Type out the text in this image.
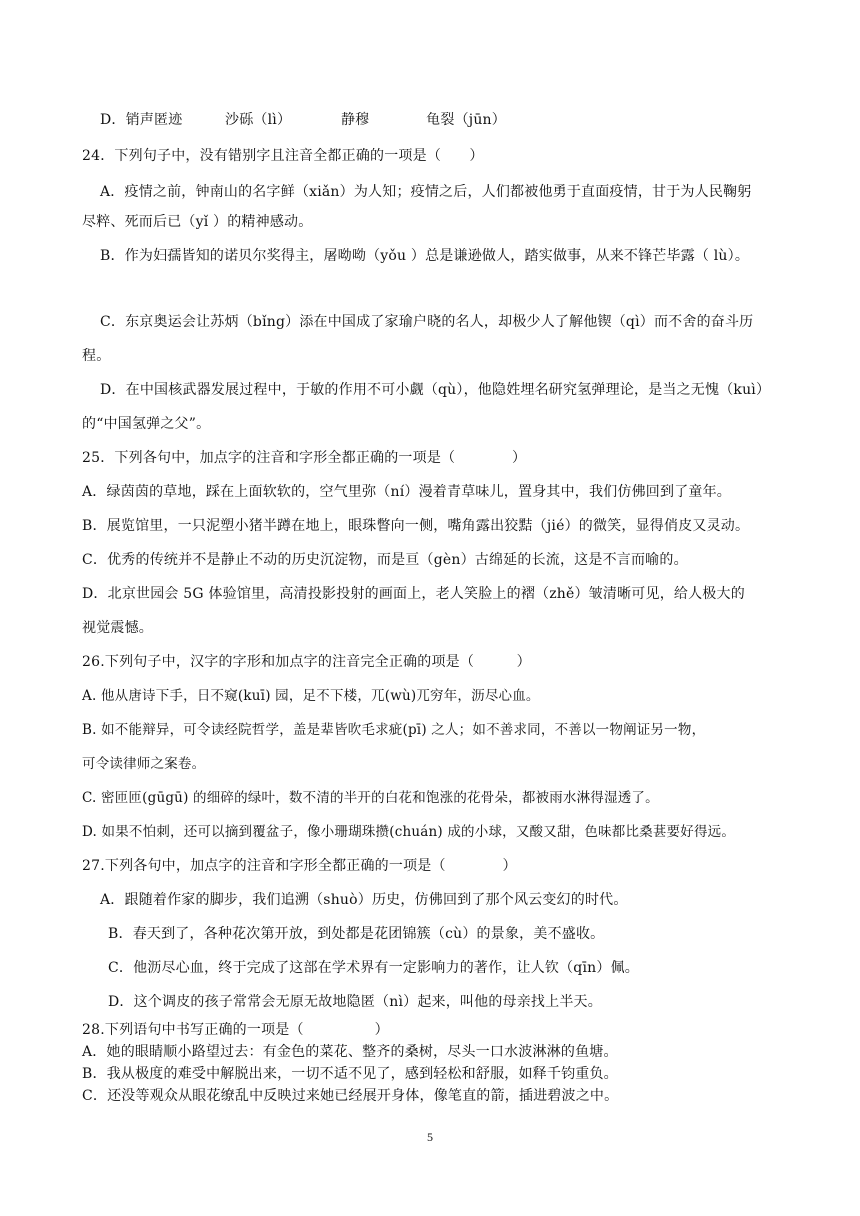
D．销声匿迹　　　沙砾（lì）　　　　静穆　　　　龟裂（jūn）
24．下列句子中，没有错别字且注音全都正确的一项是（　　）
A．疫情之前，钟南山的名字鲜（xiǎn）为人知；疫情之后，人们都被他勇于直面疫情，甘于为人民鞠躬
尽粹、死而后已（yǐ ）的精神感动。
B．作为妇孺皆知的诺贝尔奖得主，屠呦呦（yǒu ）总是谦逊做人，踏实做事，从来不锋芒毕露（ lù）。
C．东京奥运会让苏炳（bǐng）添在中国成了家瑜户晓的名人，却极少人了解他锲（qì）而不舍的奋斗历
程。
D．在中国核武器发展过程中，于敏的作用不可小觑（qù），他隐姓埋名研究氢弹理论，是当之无愧（kuì）
的“中国氢弹之父”。
25．下列各句中，加点字的注音和字形全都正确的一项是（　　　　）
A．绿茵茵的草地，踩在上面软软的，空气里弥（ní）漫着青草味儿，置身其中，我们仿佛回到了童年。
B．展览馆里，一只泥塑小猪半蹲在地上，眼珠瞥向一侧，嘴角露出狡黠（jié）的微笑，显得俏皮又灵动。
C．优秀的传统并不是静止不动的历史沉淀物，而是亘（gèn）古绵延的长流，这是不言而喻的。
D．北京世园会 5G 体验馆里，高清投影投射的画面上，老人笑脸上的褶（zhě）皱清晰可见，给人极大的
视觉震憾。
26.下列句子中，汉字的字形和加点字的注音完全正确的项是（　　　）
A. 他从唐诗下手，日不窥(kuī) 园，足不下楼，兀(wù)兀穷年，沥尽心血。
B. 如不能辩异，可令读经院哲学，盖是辈皆吹毛求疵(pī) 之人；如不善求同，不善以一物阐证另一物，
可令读律师之案卷。
C. 密匝匝(gūgū) 的细碎的绿叶，数不清的半开的白花和饱涨的花骨朵，都被雨水淋得湿透了。
D. 如果不怕刺，还可以摘到覆盆子，像小珊瑚珠攒(chuán) 成的小球，又酸又甜，色味都比桑葚要好得远。
27.下列各句中，加点字的注音和字形全都正确的一项是（　　　　）
A．跟随着作家的脚步，我们追溯（shuò）历史，仿佛回到了那个风云变幻的时代。
B．春天到了，各种花次第开放，到处都是花团锦簇（cù）的景象，美不盛收。
C．他沥尽心血，终于完成了这部在学术界有一定影响力的著作，让人钦（qīn）佩。
D．这个调皮的孩子常常会无原无故地隐匿（nì）起来，叫他的母亲找上半天。
28.下列语句中书写正确的一项是（　　　　　）
A．她的眼睛顺小路望过去：有金色的菜花、整齐的桑树，尽头一口水波淋淋的鱼塘。
B．我从极度的难受中解脱出来，一切不适不见了，感到轻松和舒服，如释千钧重负。
C．还没等观众从眼花缭乱中反映过来她已经展开身体，像笔直的箭，插进碧波之中。
5
